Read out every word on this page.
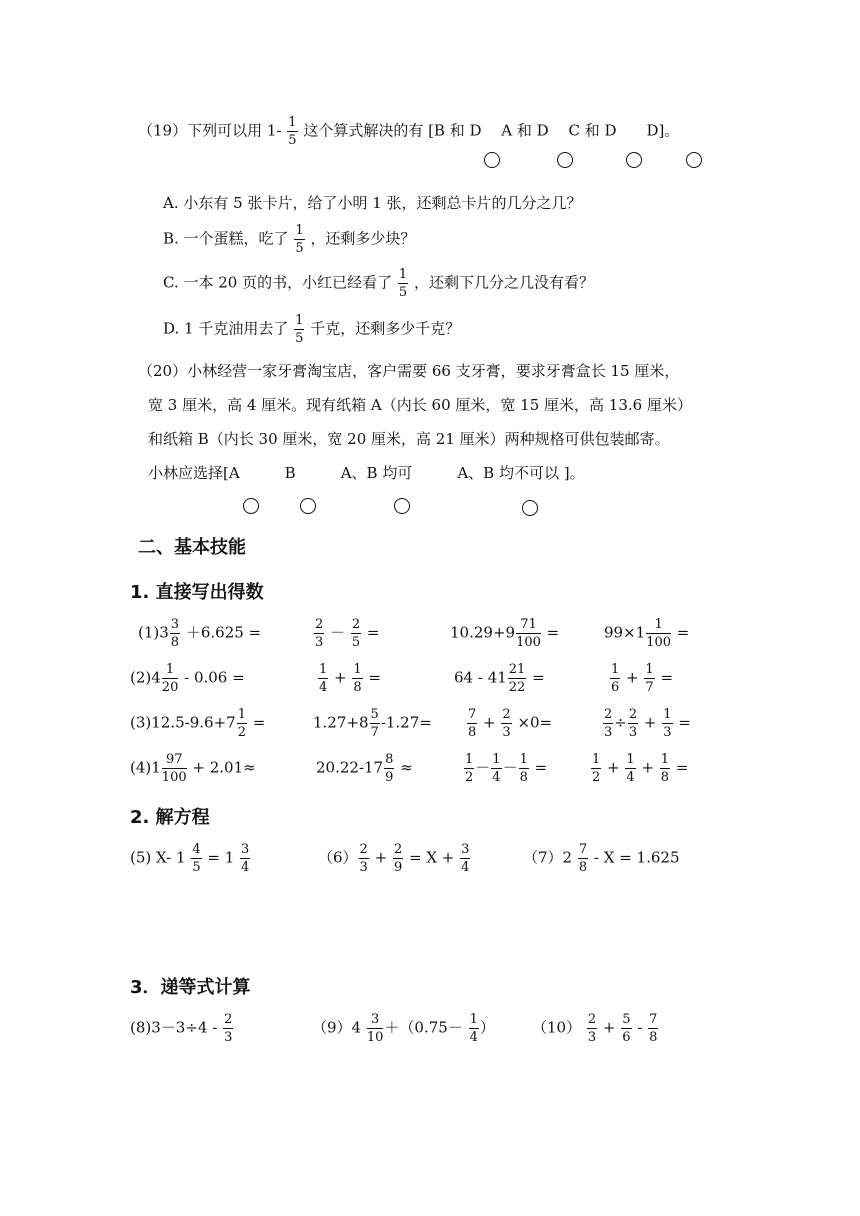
（19）下列可以用 $1- \frac{1}{5}$ 这个算式解决的有 [B 和 D　 A 和 D　 C 和 D　　D]。
A. 小东有 5 张卡片，给了小明 1 张，还剩总卡片的几分之几？
B. 一个蛋糕，吃了 $\frac{1}{5}$ ，还剩多少块？
C. 一本 20 页的书，小红已经看了 $\frac{1}{5}$ ，还剩下几分之几没有看？
D. 1 千克油用去了 $\frac{1}{5}$ 千克，还剩多少千克？
（20）小林经营一家牙膏淘宝店，客户需要 66 支牙膏，要求牙膏盒长 15 厘米，
宽 3 厘米，高 4 厘米。现有纸箱 A（内长 60 厘米，宽 15 厘米，高 13.6 厘米）
和纸箱 B（内长 30 厘米，宽 20 厘米，高 21 厘米）两种规格可供包装邮寄。
小林应选择[A　　　B　　　A、B 均可　　　A、B 均不可以 ]。
二、基本技能
1. 直接写出得数
$(1)3 \frac{3}{8} +6.625$ =	$\frac{2}{3} - \frac{2}{5}$ =	$10.29+9 \frac{71}{100}$ =	$99\times 1 \frac{1}{100}$ =
$(2)4 \frac{1}{20} - 0.06$ =	$\frac{1}{4} + \frac{1}{8}$ =	$64 - 41 \frac{21}{22}$ =	$\frac{1}{6} + \frac{1}{7}$ =
$(3)12.5-9.6+7 \frac{1}{2}$ =	$1.27+8 \frac{5}{7} -1.27=$	$\frac{7}{8} + \frac{2}{3} \times 0=$	$\frac{2}{3} \div \frac{2}{3} + \frac{1}{3}$ =
$(4)1 \frac{97}{100} + 2.01\approx$	$20.22-17 \frac{8}{9}$ ≈	$\frac{1}{2} - \frac{1}{4} - \frac{1}{8}$ =	$\frac{1}{2} + \frac{1}{4} + \frac{1}{8}$ =
2. 解方程
(5) X- $1 \frac{4}{5} = 1 \frac{3}{4}$	$(6) \frac{2}{3} + \frac{2}{9} = X + \frac{3}{4}$	$(7)2 \frac{7}{8} - X = 1.625$
3．递等式计算
$(8)3-3\div 4 - \frac{2}{3}$	$(9)4 \frac{3}{10} +(0.75- \frac{1}{4}$ ） $(10) \frac{2}{3} + \frac{5}{6} - \frac{7}{8}$
